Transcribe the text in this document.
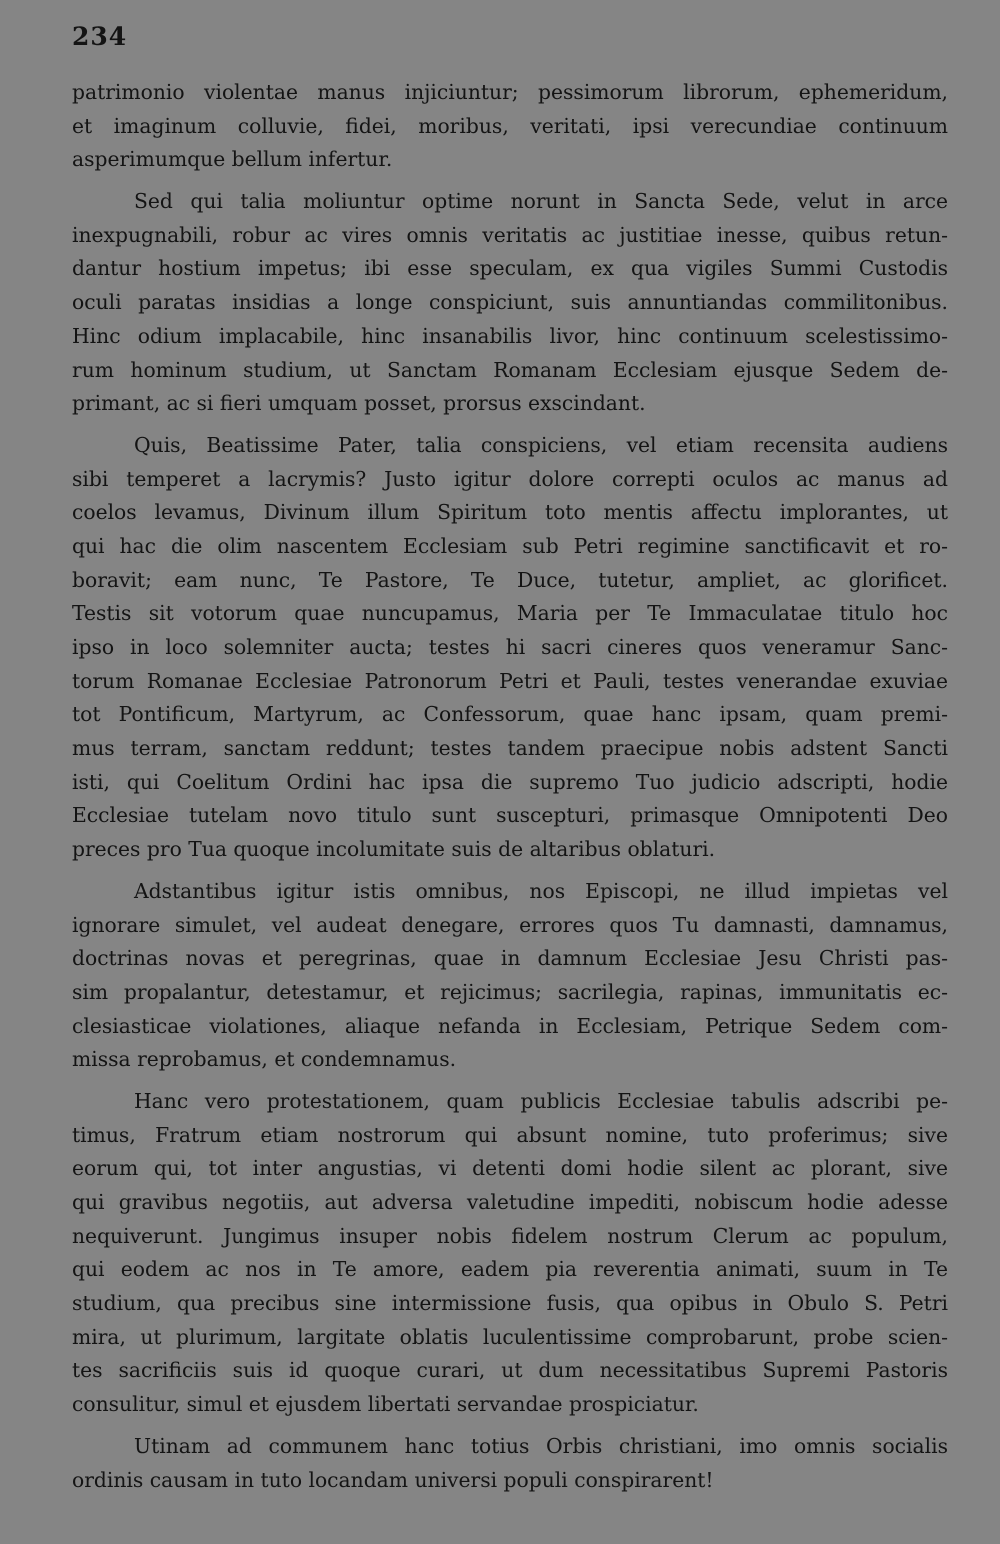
234
patrimonio violentae manus injiciuntur; pessimorum librorum, ephemeridum,
et imaginum colluvie, fidei, moribus, veritati, ipsi verecundiae continuum
asperimumque bellum infertur.
Sed qui talia moliuntur optime norunt in Sancta Sede, velut in arce
inexpugnabili, robur ac vires omnis veritatis ac justitiae inesse, quibus retun-
dantur hostium impetus; ibi esse speculam, ex qua vigiles Summi Custodis
oculi paratas insidias a longe conspiciunt, suis annuntiandas commilitonibus.
Hinc odium implacabile, hinc insanabilis livor, hinc continuum scelestissimo-
rum hominum studium, ut Sanctam Romanam Ecclesiam ejusque Sedem de-
primant, ac si fieri umquam posset, prorsus exscindant.
Quis, Beatissime Pater, talia conspiciens, vel etiam recensita audiens
sibi temperet a lacrymis? Justo igitur dolore correpti oculos ac manus ad
coelos levamus, Divinum illum Spiritum toto mentis affectu implorantes, ut
qui hac die olim nascentem Ecclesiam sub Petri regimine sanctificavit et ro-
boravit; eam nunc, Te Pastore, Te Duce, tutetur, ampliet, ac glorificet.
Testis sit votorum quae nuncupamus, Maria per Te Immaculatae titulo hoc
ipso in loco solemniter aucta; testes hi sacri cineres quos veneramur Sanc-
torum Romanae Ecclesiae Patronorum Petri et Pauli, testes venerandae exuviae
tot Pontificum, Martyrum, ac Confessorum, quae hanc ipsam, quam premi-
mus terram, sanctam reddunt; testes tandem praecipue nobis adstent Sancti
isti, qui Coelitum Ordini hac ipsa die supremo Tuo judicio adscripti, hodie
Ecclesiae tutelam novo titulo sunt suscepturi, primasque Omnipotenti Deo
preces pro Tua quoque incolumitate suis de altaribus oblaturi.
Adstantibus igitur istis omnibus, nos Episcopi, ne illud impietas vel
ignorare simulet, vel audeat denegare, errores quos Tu damnasti, damnamus,
doctrinas novas et peregrinas, quae in damnum Ecclesiae Jesu Christi pas-
sim propalantur, detestamur, et rejicimus; sacrilegia, rapinas, immunitatis ec-
clesiasticae violationes, aliaque nefanda in Ecclesiam, Petrique Sedem com-
missa reprobamus, et condemnamus.
Hanc vero protestationem, quam publicis Ecclesiae tabulis adscribi pe-
timus, Fratrum etiam nostrorum qui absunt nomine, tuto proferimus; sive
eorum qui, tot inter angustias, vi detenti domi hodie silent ac plorant, sive
qui gravibus negotiis, aut adversa valetudine impediti, nobiscum hodie adesse
nequiverunt. Jungimus insuper nobis fidelem nostrum Clerum ac populum,
qui eodem ac nos in Te amore, eadem pia reverentia animati, suum in Te
studium, qua precibus sine intermissione fusis, qua opibus in Obulo S. Petri
mira, ut plurimum, largitate oblatis luculentissime comprobarunt, probe scien-
tes sacrificiis suis id quoque curari, ut dum necessitatibus Supremi Pastoris
consulitur, simul et ejusdem libertati servandae prospiciatur.
Utinam ad communem hanc totius Orbis christiani, imo omnis socialis
ordinis causam in tuto locandam universi populi conspirarent!
